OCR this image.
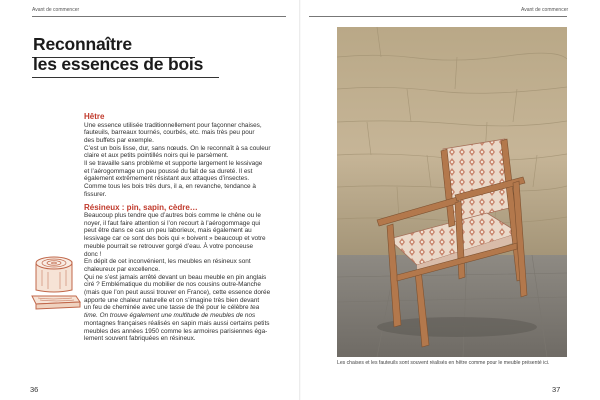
Avant de commencer
Reconnaître
les essences de bois
Hêtre

Une essence utilisée traditionnellement pour façonner chaises,

fauteuils, barreaux tournés, courbés, etc. mais très peu pour

des buffets par exemple.

C’est un bois lisse, dur, sans nœuds. On le reconnaît à sa couleur

claire et aux petits pointillés noirs qui le parsèment.

Il se travaille sans problème et supporte largement le lessivage

et l’aérogommage un peu poussé du fait de sa dureté. Il est

également extrêmement résistant aux attaques d’insectes.

Comme tous les bois très durs, il a, en revanche, tendance à

fissurer.

Résineux : pin, sapin, cèdre…

Beaucoup plus tendre que d’autres bois comme le chêne ou le

noyer, il faut faire attention si l’on recourt à l’aérogommage qui

peut être dans ce cas un peu laborieux, mais également au

lessivage car ce sont des bois qui « boivent » beaucoup et votre

meuble pourrait se retrouver gorgé d’eau. À votre ponceuse

donc !

En dépit de cet inconvénient, les meubles en résineux sont

chaleureux par excellence.

Qui ne s’est jamais arrêté devant un beau meuble en pin anglais

ciré ? Emblématique du mobilier de nos cousins outre-Manche

(mais que l’on peut aussi trouver en France), cette essence dorée

apporte une chaleur naturelle et on s’imagine très bien devant

un feu de cheminée avec une tasse de thé pour le célèbre tea

time. On trouve également une multitude de meubles de nos

montagnes françaises réalisés en sapin mais aussi certains petits

meubles des années 1950 comme les armoires parisiennes éga-

lement souvent fabriquées en résineux.

36
Avant de commencer
Les chaises et les fauteuils sont souvent réalisés en hêtre comme pour le meuble présenté ici.
37
